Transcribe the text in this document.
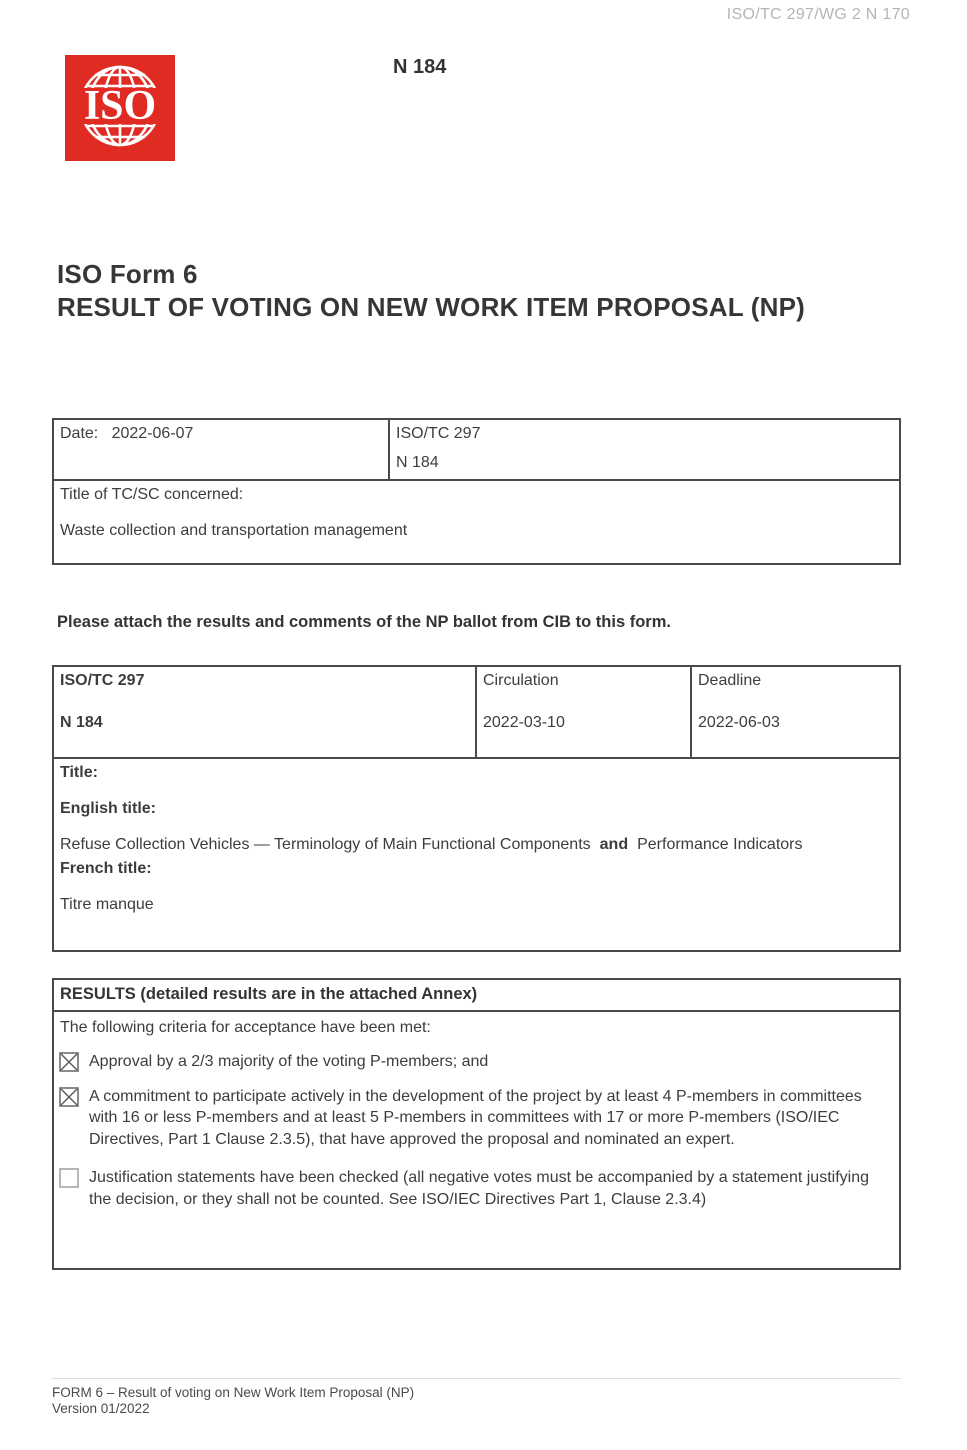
ISO/TC 297/WG 2 N 170
ISO
N 184
ISO Form 6
RESULT OF VOTING ON NEW WORK ITEM PROPOSAL (NP)
Date: 2022-06-07	ISO/TC 297
N 184

Title of TC/SC concerned:
Waste collection and transportation management
Please attach the results and comments of the NP ballot from CIB to this form.
ISO/TC 297
N 184

Circulation
2022-03-10

Deadline
2022-06-03

Title:
English title:
Refuse Collection Vehicles — Terminology of Main Functional Components and Performance Indicators
French title:
Titre manque
RESULTS (detailed results are in the attached Annex)

The following criteria for acceptance have been met:
Approval by a 2/3 majority of the voting P-members; and
A commitment to participate actively in the development of the project by at least 4 P-members in committees with 16 or less P-members and at least 5 P-members in committees with 17 or more P-members (ISO/IEC Directives, Part 1 Clause 2.3.5), that have approved the proposal and nominated an expert.
Justification statements have been checked (all negative votes must be accompanied by a statement justifying the decision, or they shall not be counted. See ISO/IEC Directives Part 1, Clause 2.3.4)
FORM 6 – Result of voting on New Work Item Proposal (NP)
Version 01/2022
